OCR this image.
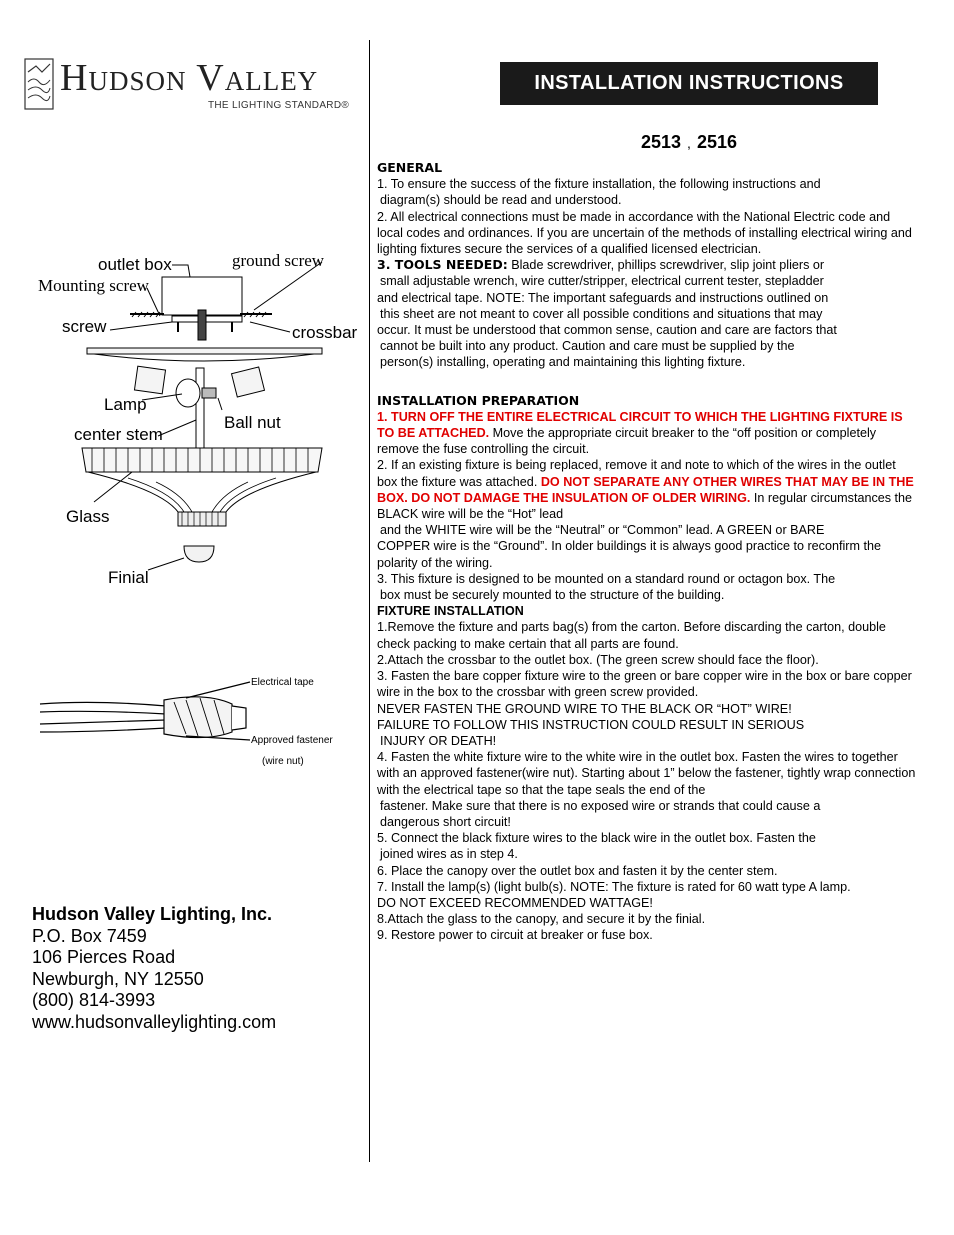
Hudson Valley
THE LIGHTING STANDARD®
INSTALLATION INSTRUCTIONS
2513 , 2516
outlet box	ground screw
Mounting screw
screw	crossbar
Lamp
Ball nut
center stem
Glass
Finial
Electrical tape
Approved fastener
(wire nut)
Hudson Valley Lighting, Inc.
P.O. Box 7459
106 Pierces Road
Newburgh, NY 12550
(800) 814-3993
www.hudsonvalleylighting.com

GENERAL

1. To ensure the success of the fixture installation, the following instructions and

diagram(s) should be read and understood.

2. All electrical connections must be made in accordance with the National Electric code and local codes and ordinances. If you are uncertain of the methods of installing electrical wiring and lighting fixtures secure the services of a qualified licensed electrician.

3. TOOLS NEEDED: Blade screwdriver, phillips screwdriver, slip joint pliers or

small adjustable wrench, wire cutter/stripper, electrical current tester, stepladder

and electrical tape. NOTE: The important safeguards and instructions outlined on

this sheet are not meant to cover all possible conditions and situations that may

occur. It must be understood that common sense, caution and care are factors that

cannot be built into any product. Caution and care must be supplied by the

person(s) installing, operating and maintaining this lighting fixture.

INSTALLATION PREPARATION

1. TURN OFF THE ENTIRE ELECTRICAL CIRCUIT TO WHICH THE LIGHTING FIXTURE IS TO BE ATTACHED. Move the appropriate circuit breaker to the “off position or completely remove the fuse controlling the circuit.

2. If an existing fixture is being replaced, remove it and note to which of the wires in the outlet box the fixture was attached. DO NOT SEPARATE ANY OTHER WIRES THAT MAY BE IN THE BOX. DO NOT DAMAGE THE INSULATION OF OLDER WIRING. In regular circumstances the BLACK wire will be the “Hot” lead

and the WHITE wire will be the “Neutral” or “Common” lead. A GREEN or BARE

COPPER wire is the “Ground”. In older buildings it is always good practice to reconfirm the polarity of the wiring.

3. This fixture is designed to be mounted on a standard round or octagon box. The

box must be securely mounted to the structure of the building.

FIXTURE INSTALLATION

1.Remove the fixture and parts bag(s) from the carton. Before discarding the carton, double check packing to make certain that all parts are found.

2.Attach the crossbar to the outlet box. (The green screw should face the floor).

3. Fasten the bare copper fixture wire to the green or bare copper wire in the box or bare copper wire in the box to the crossbar with green screw provided.

NEVER FASTEN THE GROUND WIRE TO THE BLACK OR “HOT” WIRE!

FAILURE TO FOLLOW THIS INSTRUCTION COULD RESULT IN SERIOUS

INJURY OR DEATH!

4. Fasten the white fixture wire to the white wire in the outlet box. Fasten the wires to together with an approved fastener(wire nut). Starting about 1” below the fastener, tightly wrap connection with the electrical tape so that the tape seals the end of the

fastener. Make sure that there is no exposed wire or strands that could cause a

dangerous short circuit!

5. Connect the black fixture wires to the black wire in the outlet box. Fasten the

joined wires as in step 4.

6. Place the canopy over the outlet box and fasten it by the center stem.

7. Install the lamp(s) (light bulb(s). NOTE: The fixture is rated for 60 watt type A lamp.

DO NOT EXCEED RECOMMENDED WATTAGE!

8.Attach the glass to the canopy, and secure it by the finial.

9. Restore power to circuit at breaker or fuse box.
